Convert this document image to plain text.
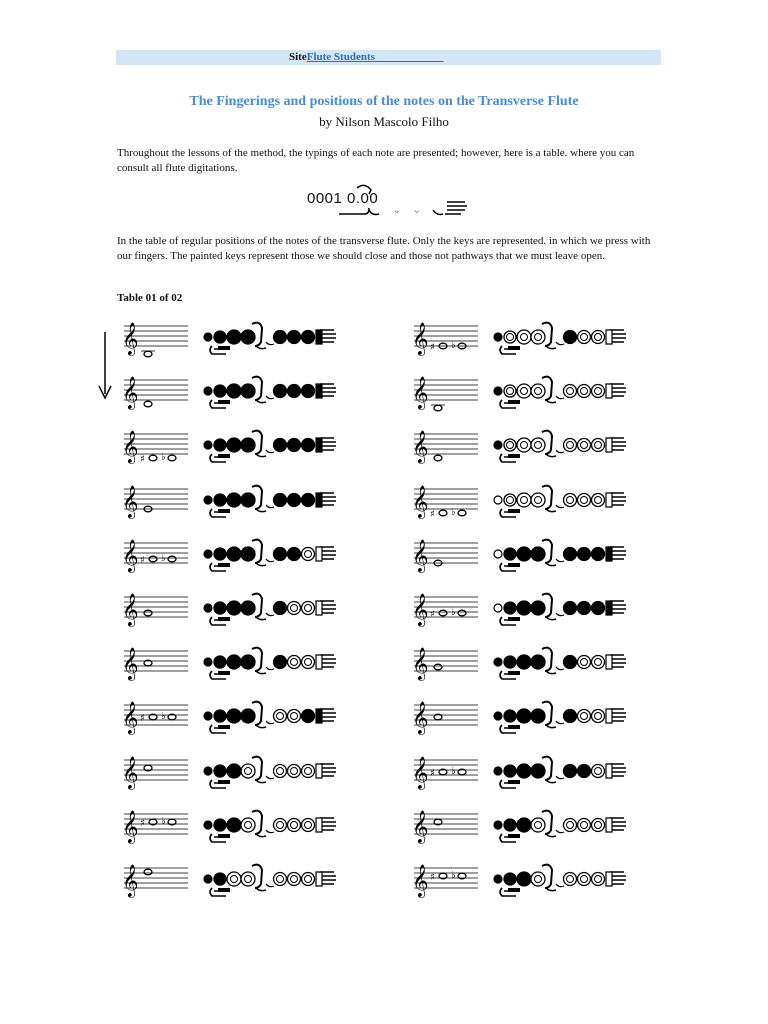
SiteFlute Students
The Fingerings and positions of the notes on the Transverse Flute
by Nilson Mascolo Filho
Throughout the lessons of the method, the typings of each note are presented; however, here is a table. where you can consult all flute digitations.
0001 0.00
ᵕ ᵕ
In the table of regular positions of the notes of the transverse flute. Only the keys are represented. in which we press with our fingers. The painted keys represent those we should close and those not pathways that we must leave open.
Table 01 of 02
𝄞
𝄞
𝄞 ♯ ♭
𝄞
𝄞 ♯ ♭
𝄞
𝄞
𝄞 ♯ ♭
𝄞
𝄞 ♯ ♭
𝄞
𝄞 ♯ ♭
𝄞
𝄞
𝄞 ♯ ♭
𝄞
𝄞 ♯ ♭
𝄞
𝄞
𝄞 ♯ ♭
𝄞
𝄞 ♯ ♭
